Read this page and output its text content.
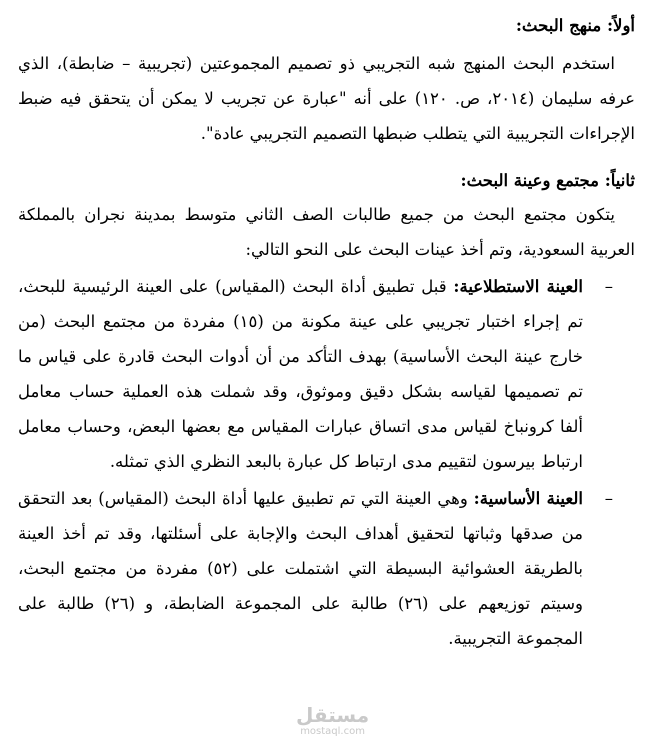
أولاً: منهج البحث:

استخدم البحث المنهج شبه التجريبي ذو تصميم المجموعتين (تجريبية – ضابطة)، الذي عرفه سليمان (٢٠١٤، ص. ١٢٠) على أنه "عبارة عن تجريب لا يمكن أن يتحقق فيه ضبط الإجراءات التجريبية التي يتطلب ضبطها التصميم التجريبي عادة".

ثانياً: مجتمع وعينة البحث:

يتكون مجتمع البحث من جميع طالبات الصف الثاني متوسط بمدينة نجران بالمملكة العربية السعودية، وتم أخذ عينات البحث على النحو التالي:

–
العينة الاستطلاعية: قبل تطبيق أداة البحث (المقياس) على العينة الرئيسية للبحث، تم إجراء اختبار تجريبي على عينة مكونة من (١٥) مفردة من مجتمع البحث (من خارج عينة البحث الأساسية) بهدف التأكد من أن أدوات البحث قادرة على قياس ما تم تصميمها لقياسه بشكل دقيق وموثوق، وقد شملت هذه العملية حساب معامل ألفا كرونباخ لقياس مدى اتساق عبارات المقياس مع بعضها البعض، وحساب معامل ارتباط بيرسون لتقييم مدى ارتباط كل عبارة بالبعد النظري الذي تمثله.
–
العينة الأساسية: وهي العينة التي تم تطبيق عليها أداة البحث (المقياس) بعد التحقق من صدقها وثباتها لتحقيق أهداف البحث والإجابة على أسئلتها، وقد تم أخذ العينة بالطريقة العشوائية البسيطة التي اشتملت على (٥٢) مفردة من مجتمع البحث، وسيتم توزيعهم على (٢٦) طالبة على المجموعة الضابطة، و (٢٦) طالبة على المجموعة التجريبية.
مستقل
mostaql.com
